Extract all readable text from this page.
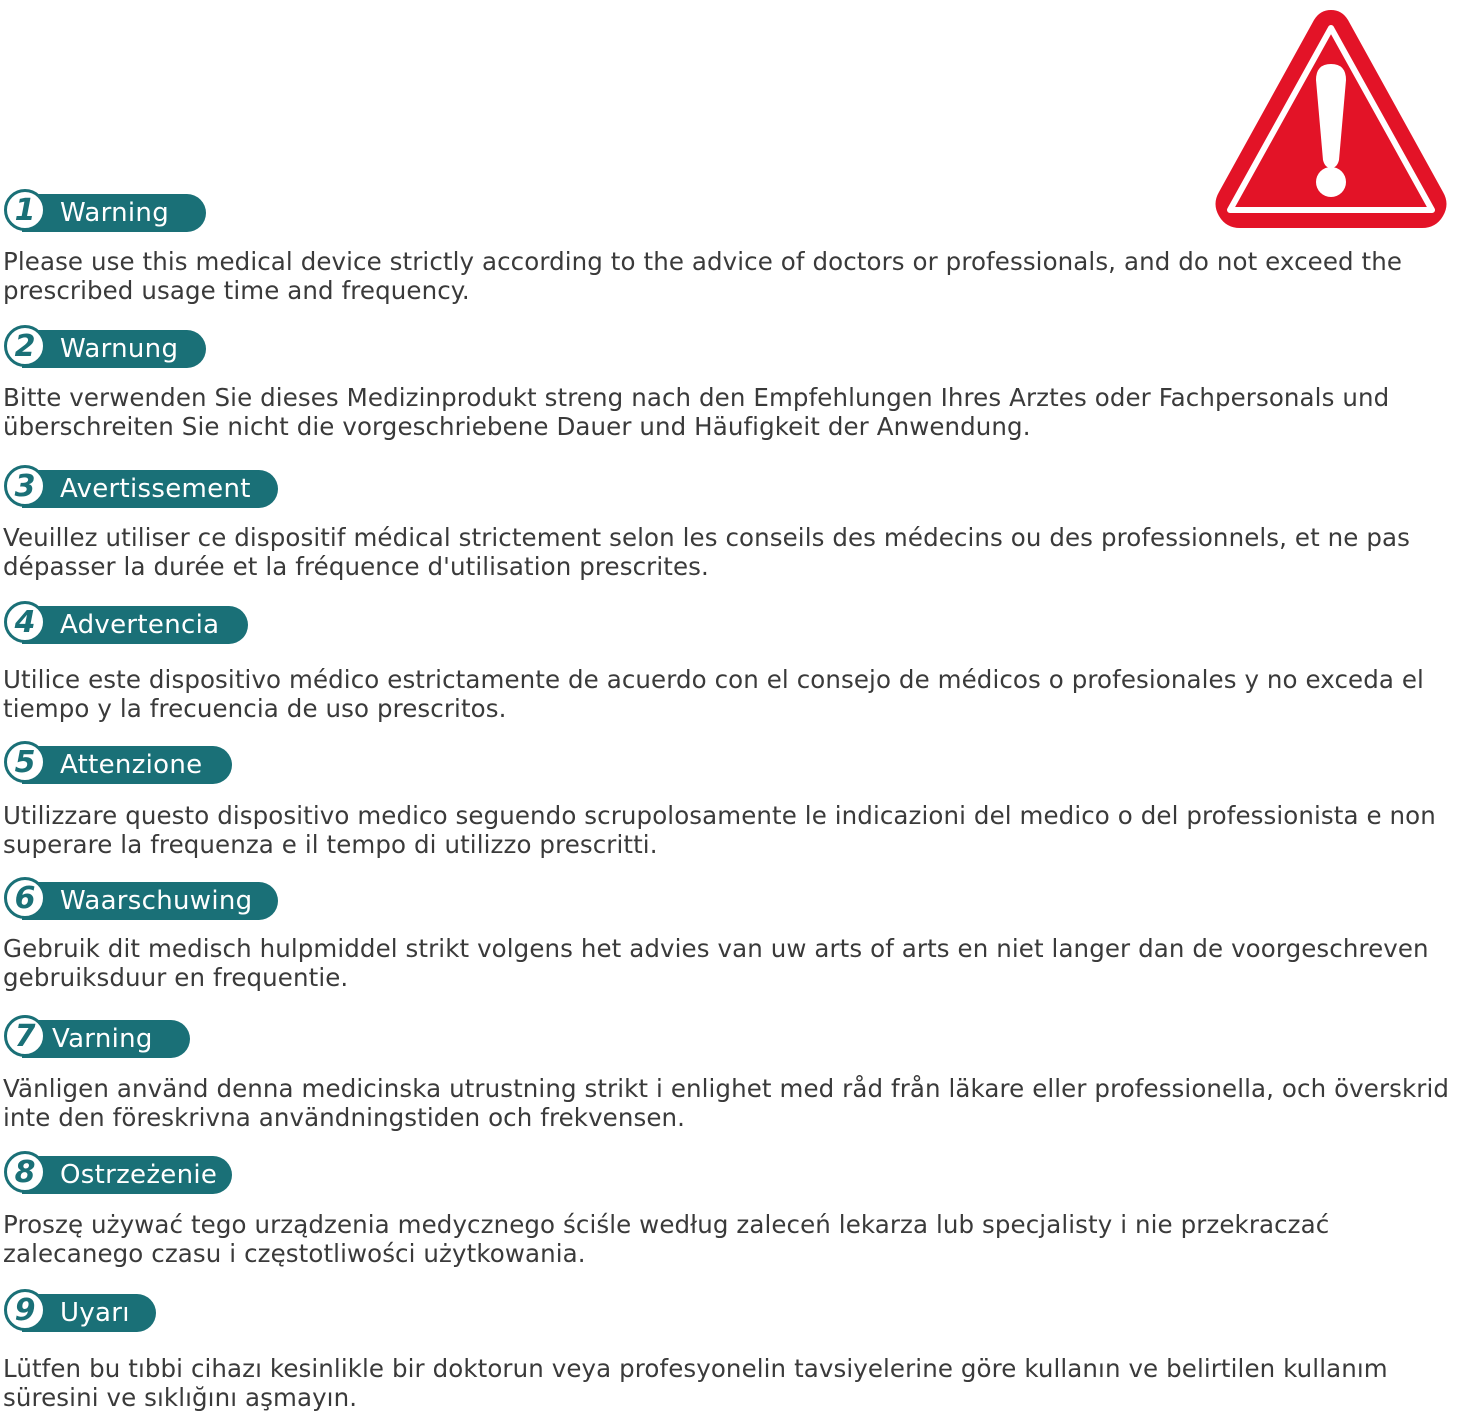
1 Warning
Please use this medical device strictly according to the advice of doctors or professionals, and do not exceed the prescribed usage time and frequency.
2 Warnung
Bitte verwenden Sie dieses Medizinprodukt streng nach den Empfehlungen Ihres Arztes oder Fachpersonals und überschreiten Sie nicht die vorgeschriebene Dauer und Häufigkeit der Anwendung.
3 Avertissement
Veuillez utiliser ce dispositif médical strictement selon les conseils des médecins ou des professionnels, et ne pas dépasser la durée et la fréquence d'utilisation prescrites.
4 Advertencia
Utilice este dispositivo médico estrictamente de acuerdo con el consejo de médicos o profesionales y no exceda el tiempo y la frecuencia de uso prescritos.
5 Attenzione
Utilizzare questo dispositivo medico seguendo scrupolosamente le indicazioni del medico o del professionista e non superare la frequenza e il tempo di utilizzo prescritti.
6 Waarschuwing
Gebruik dit medisch hulpmiddel strikt volgens het advies van uw arts of arts en niet langer dan de voorgeschreven gebruiksduur en frequentie.
7 Varning
Vänligen använd denna medicinska utrustning strikt i enlighet med råd från läkare eller professionella, och överskrid inte den föreskrivna användningstiden och frekvensen.
8 Ostrzeżenie
Proszę używać tego urządzenia medycznego ściśle według zaleceń lekarza lub specjalisty i nie przekraczać zalecanego czasu i częstotliwości użytkowania.
9 Uyarı
Lütfen bu tıbbi cihazı kesinlikle bir doktorun veya profesyonelin tavsiyelerine göre kullanın ve belirtilen kullanım süresini ve sıklığını aşmayın.
